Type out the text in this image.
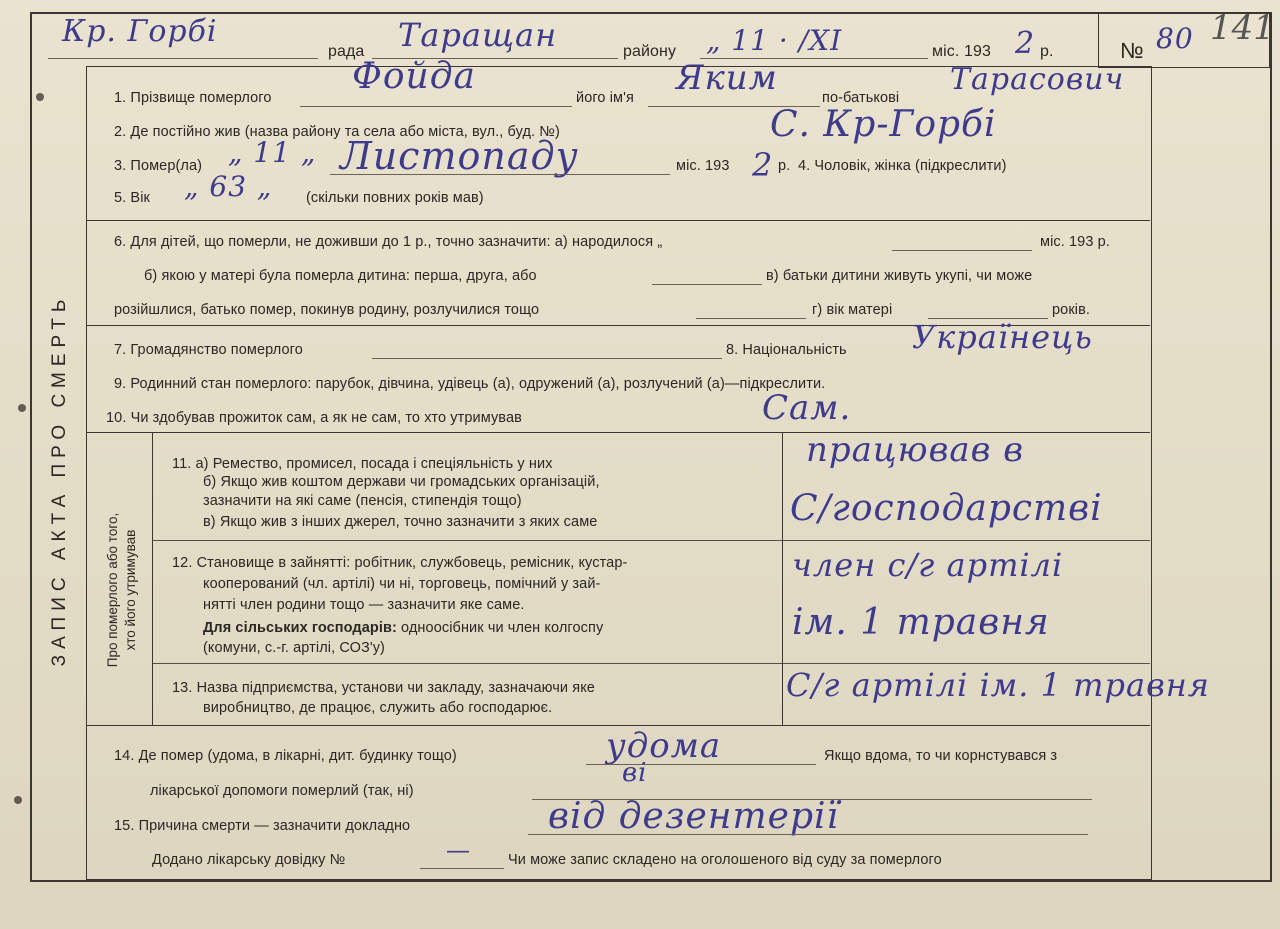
ЗАПИС АКТА ПРО СМЕРТЬ	Про померлого або того, хто його утримував
Кр. Горбі
рада Таращан	району „ 11 · /ХI	міс. 193 2 р.	№ 80 141
1. Прізвище померлого
Фойда
його ім'я Яким	по-батькові
Тарасович
2. Де постійно жив (назва району та села або міста, вул., буд. №)	С. Кр-Горбі
3. Помер(ла) „ 11 „ Листопаду	міс. 193 2 р. 4. Чоловік, жінка (підкреслити)
5. Вік „ 63 „ (скільки повних років мав)
6. Для дітей, що померли, не доживши до 1 р., точно зазначити: а) народилося „	міс. 193 р.
б) якою у матері була померла дитина: перша, друга, або	в) батьки дитини живуть укупі, чи може
розійшлися, батько помер, покинув родину, розлучилися тощо	г) вік матері	років.
7. Громадянство померлого	8. Національність Українець
9. Родинний стан померлого: парубок, дівчина, удівець (а), одружений (а), розлучений (а)—підкреслити.
10. Чи здобував прожиток сам, а як не сам, то хто утримував	Сам.
11. а) Ремество, промисел, посада і спеціяльність у них
б) Якщо жив коштом держави чи громадських організацій,
зазначити на які саме (пенсія, стипендія тощо)
в) Якщо жив з інших джерел, точно зазначити з яких саме
працював в
С/господарстві
12. Становище в зайнятті: робітник, службовець, ремісник, кустар-
кооперований (чл. артілі) чи ні, торговець, помічний у зай-
нятті член родини тощо — зазначити яке саме.
Для сільських господарів: одноосібник чи член колгоспу
(комуни, с.-г. артілі, СОЗ'у)
член с/г артілі
ім. 1 травня
13. Назва підприємства, установи чи закладу, зазначаючи яке
виробництво, де працює, служить або господарює.
С/г артілі ім. 1 травня
14. Де помер (удома, в лікарні, дит. будинку тощо)	удома	Якщо вдома, то чи корнстувався з
лікарської допомоги померлий (так, ні)
15. Причина смерти — зазначити докладно
ві
від дезентерії
Додано лікарську довідку №	—	Чи може запис складено на оголошеного від суду за померлого
